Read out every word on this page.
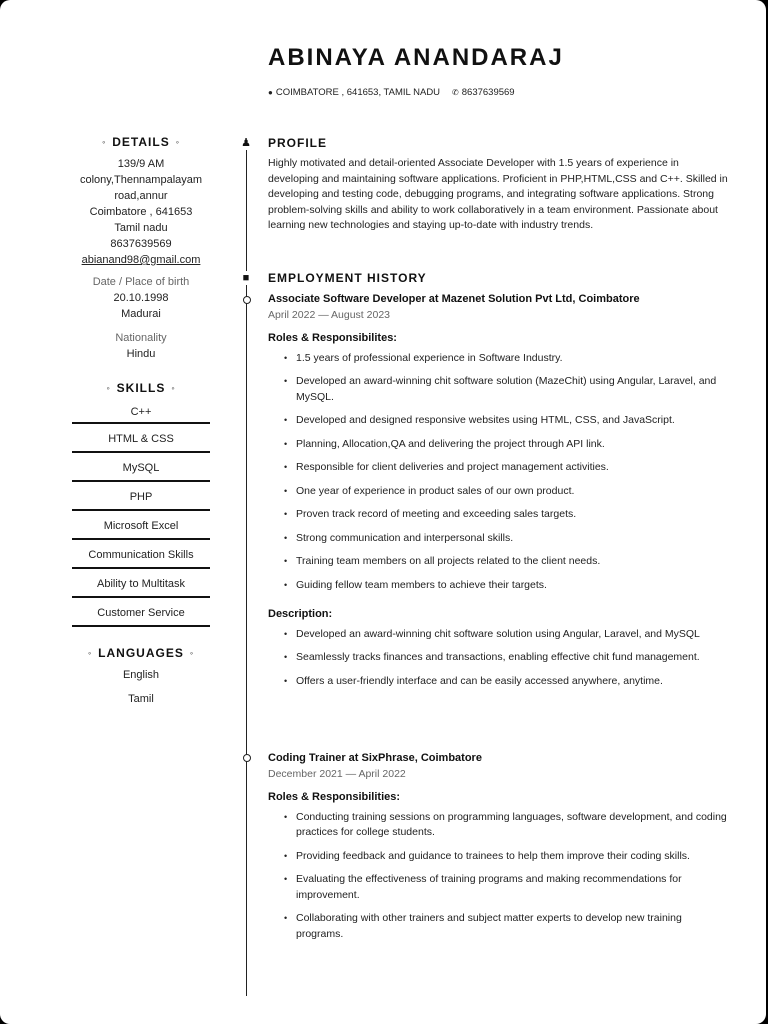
ABINAYA ANANDARAJ
● COIMBATORE , 641653, TAMIL NADU ✆ 8637639569
◦ DETAILS ◦
139/9 AM
colony,Thennampalayam
road,annur
Coimbatore , 641653
Tamil nadu
8637639569
abianand98@gmail.com
Date / Place of birth
20.10.1998
Madurai
Nationality
Hindu
◦ SKILLS ◦
C++
HTML & CSS
MySQL
PHP
Microsoft Excel
Communication Skills
Ability to Multitask
Customer Service
◦ LANGUAGES ◦
English
Tamil
♟
■
PROFILE
Highly motivated and detail-oriented Associate Developer with 1.5 years of experience in developing and maintaining software applications. Proficient in PHP,HTML,CSS and C++. Skilled in developing and testing code, debugging programs, and integrating software applications. Strong problem-solving skills and ability to work collaboratively in a team environment. Passionate about learning new technologies and staying up-to-date with industry trends.
EMPLOYMENT HISTORY
Associate Software Developer at Mazenet Solution Pvt Ltd, Coimbatore
April 2022 — August 2023
Roles & Responsibilites:
• 1.5 years of professional experience in Software Industry.
• Developed an award-winning chit software solution (MazeChit) using Angular, Laravel, and MySQL.
• Developed and designed responsive websites using HTML, CSS, and JavaScript.
• Planning, Allocation,QA and delivering the project through API link.
• Responsible for client deliveries and project management activities.
• One year of experience in product sales of our own product.
• Proven track record of meeting and exceeding sales targets.
• Strong communication and interpersonal skills.
• Training team members on all projects related to the client needs.
• Guiding fellow team members to achieve their targets.
Description:
• Developed an award-winning chit software solution using Angular, Laravel, and MySQL
• Seamlessly tracks finances and transactions, enabling effective chit fund management.
• Offers a user-friendly interface and can be easily accessed anywhere, anytime.
Coding Trainer at SixPhrase, Coimbatore
December 2021 — April 2022
Roles & Responsibilities:
• Conducting training sessions on programming languages, software development, and coding practices for college students.
• Providing feedback and guidance to trainees to help them improve their coding skills.
• Evaluating the effectiveness of training programs and making recommendations for improvement.
• Collaborating with other trainers and subject matter experts to develop new training programs.
